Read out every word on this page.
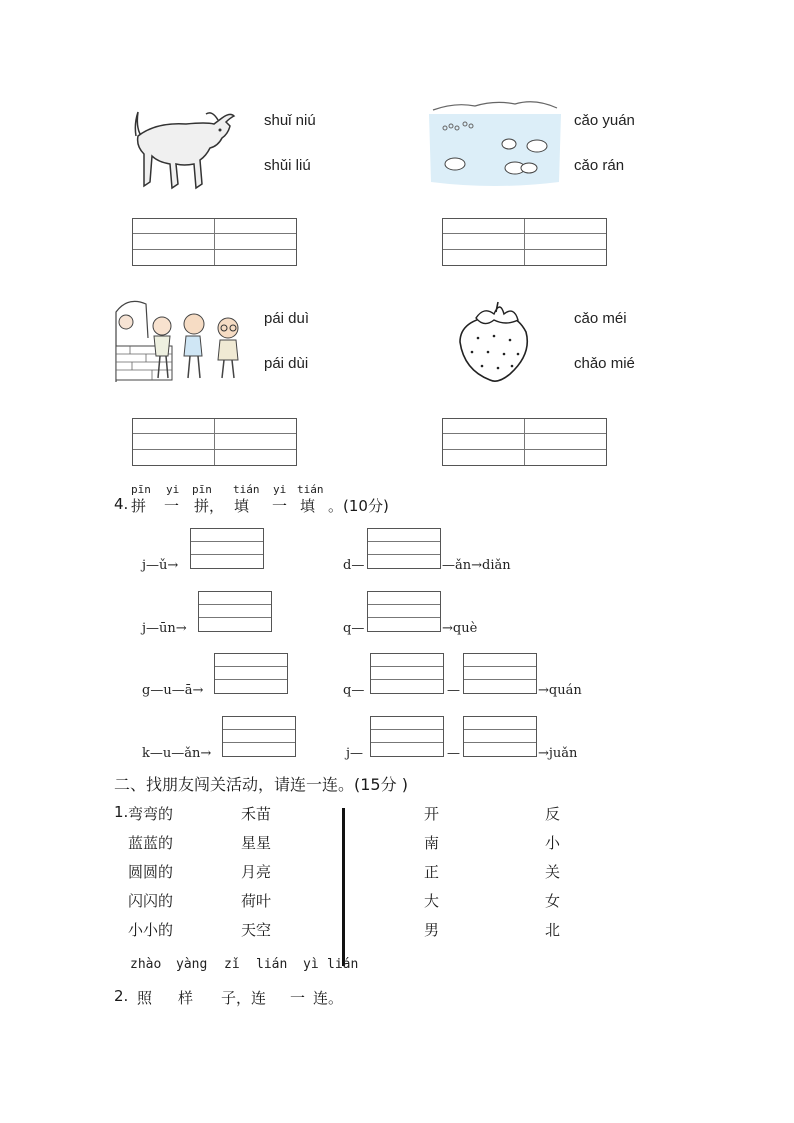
shuǐ niú
shǔi liú
cǎo yuán
cǎo rán
pái duì
pái dùi
cǎo méi
chǎo mié
pīn yi pīn tián yi tián
4. 拼 一 拼， 填 一 填 。(10分)
j—ǔ→
j—ūn→
g—u—ā→
k—u—ǎn→
d—	—ǎn→diǎn
q—	→què
q—	—	→quán
j—	—	→juǎn
二、找朋友闯关活动，请连一连。(15分 )
1. 弯弯的
蓝蓝的
圆圆的
闪闪的
小小的
禾苗
星星
月亮
荷叶
天空
开
南
正
大
男
反
小
关
女
北
zhào yàng zǐ lián yì lián
2. 照 样 子，连 一 连。
